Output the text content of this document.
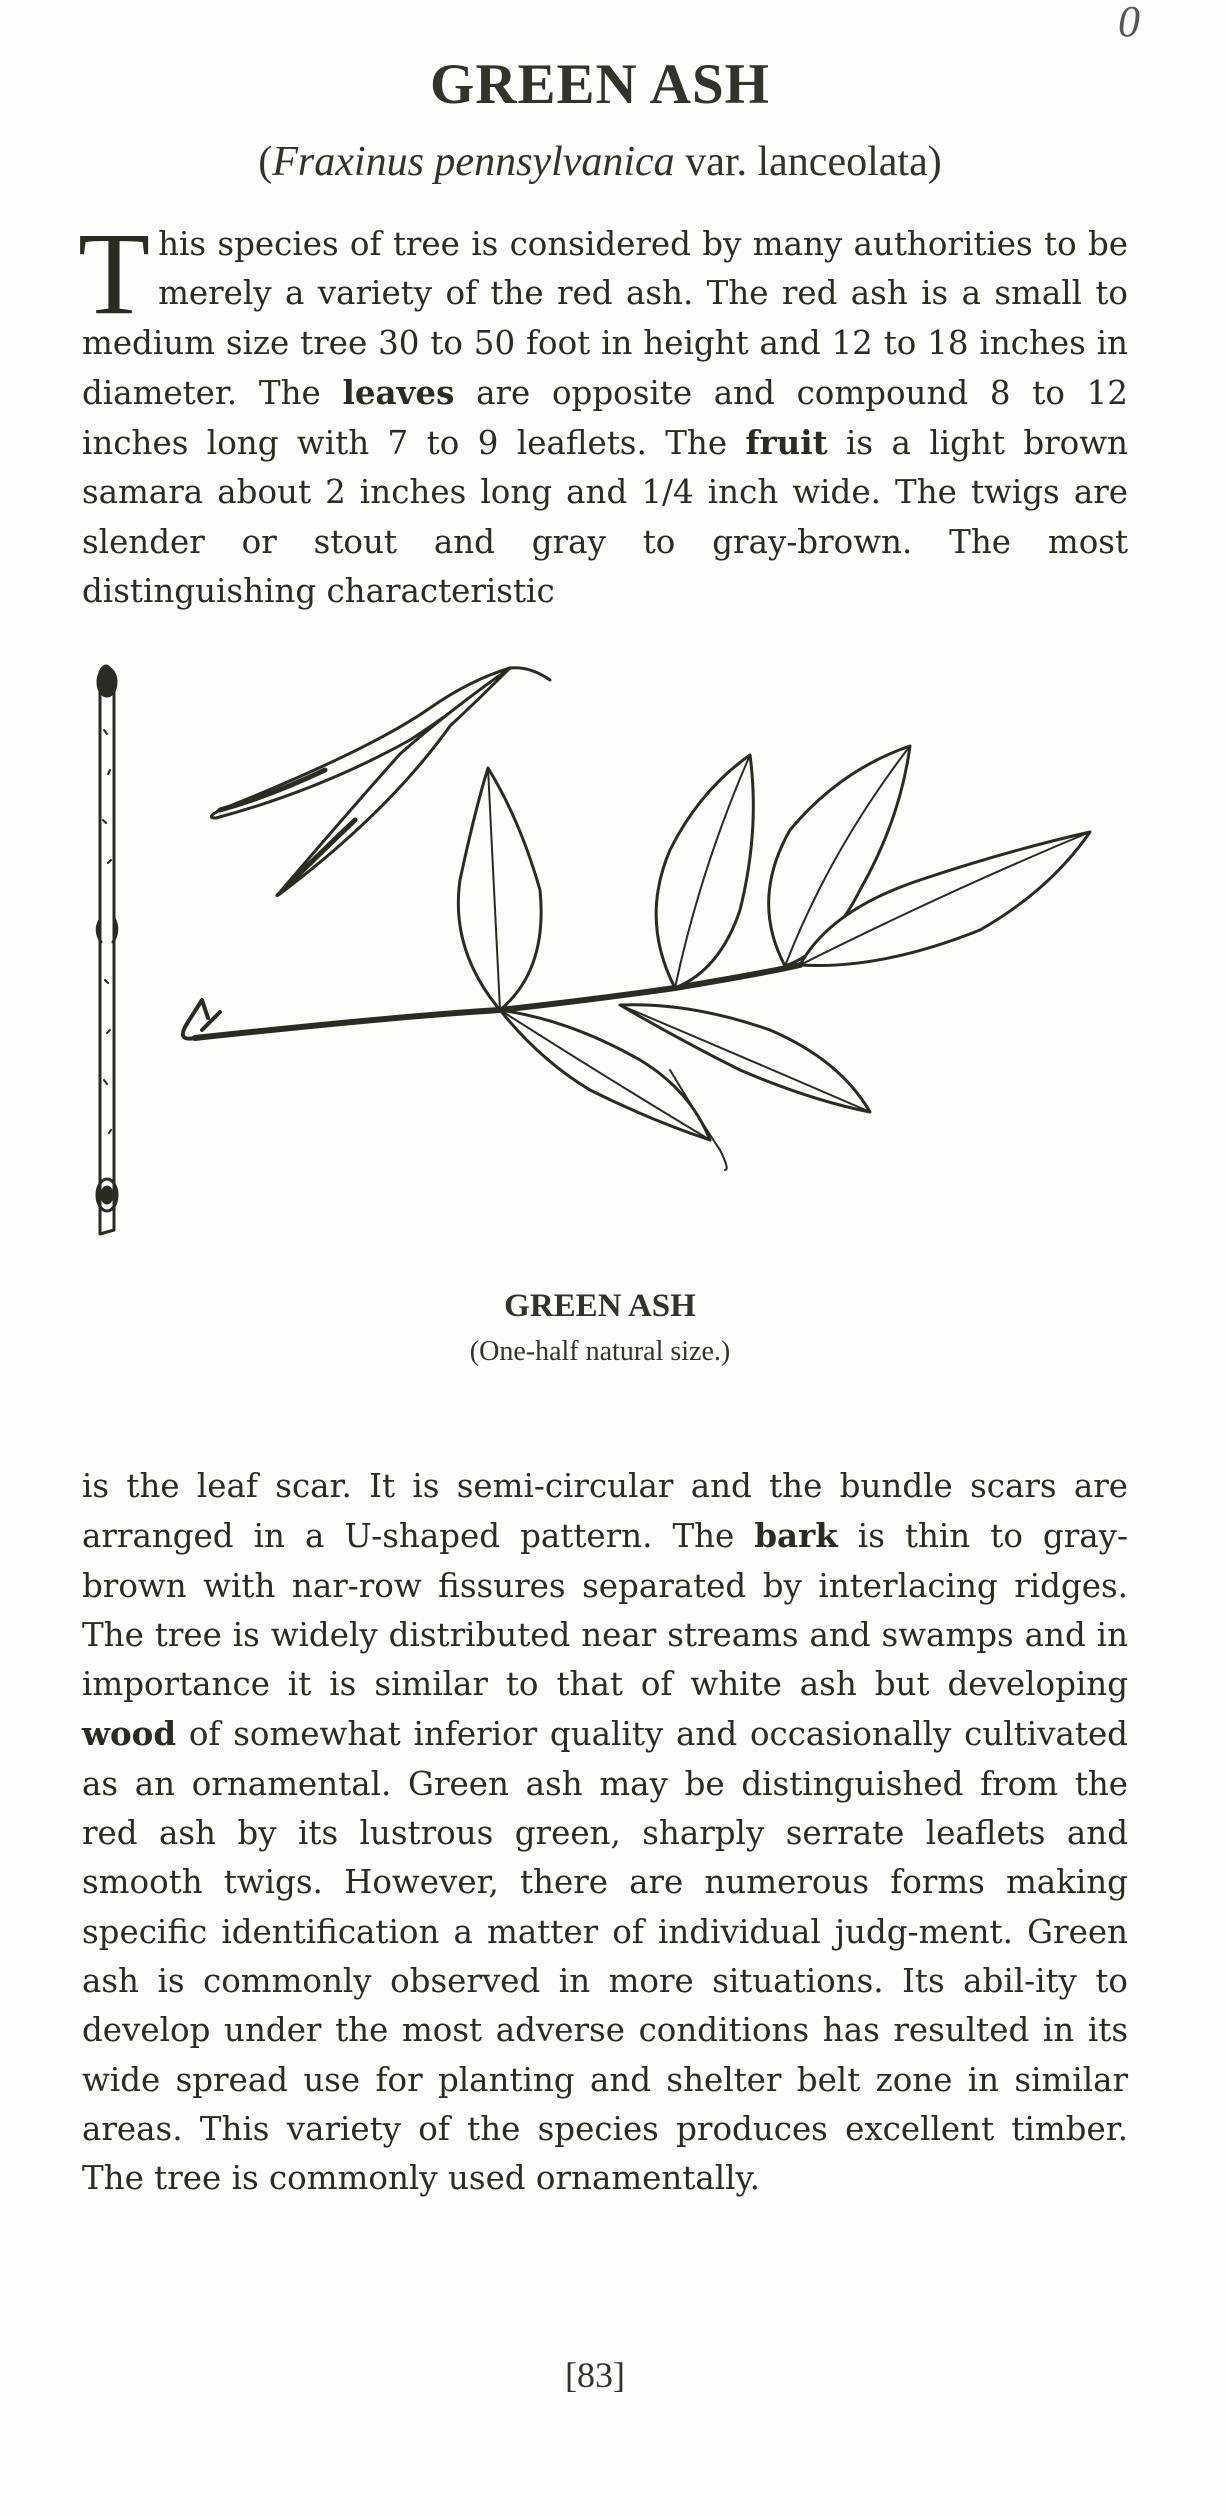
0
GREEN ASH
(Fraxinus pennsylvanica var. lanceolata)

This species of tree is considered by many authorities to be merely a variety of the red ash. The red ash is a small to medium size tree 30 to 50 foot in height and 12 to 18 inches in diameter. The leaves are opposite and compound 8 to 12 inches long with 7 to 9 leaflets. The fruit is a light brown samara about 2 inches long and 1/4 inch wide. The twigs are slender or stout and gray to gray-brown. The most distinguishing characteristic

GREEN ASH
(One-half natural size.)

is the leaf scar. It is semi-circular and the bundle scars are arranged in a U-shaped pattern. The bark is thin to gray-brown with nar-row fissures separated by interlacing ridges. The tree is widely distributed near streams and swamps and in importance it is similar to that of white ash but developing wood of somewhat inferior quality and occasionally cultivated as an ornamental. Green ash may be distinguished from the red ash by its lustrous green, sharply serrate leaflets and smooth twigs. However, there are numerous forms making specific identification a matter of individual judg-ment. Green ash is commonly observed in more situations. Its abil-ity to develop under the most adverse conditions has resulted in its wide spread use for planting and shelter belt zone in similar areas. This variety of the species produces excellent timber. The tree is commonly used ornamentally.

[83]
